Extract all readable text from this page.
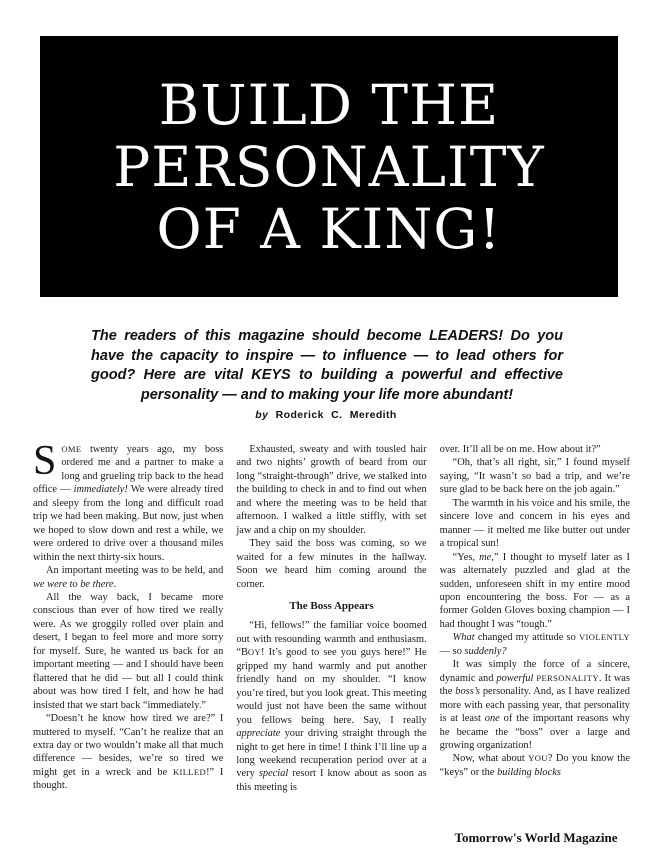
BUILD THE
PERSONALITY
OF A KING!
The readers of this magazine should become LEADERS! Do you have the capacity to inspire — to influence — to lead others for good? Here are vital KEYS to building a powerful and effective personality — and to making your life more abundant!
by Roderick C. Meredith

SOME twenty years ago, my boss ordered me and a partner to make a long and grueling trip back to the head office — immediately! We were already tired and sleepy from the long and difficult road trip we had been making. But now, just when we hoped to slow down and rest a while, we were ordered to drive over a thousand miles within the next thirty-six hours.

An important meeting was to be held, and we were to be there.

All the way back, I became more conscious than ever of how tired we really were. As we groggily rolled over plain and desert, I began to feel more and more sorry for myself. Sure, he wanted us back for an important meeting — and I should have been flattered that he did — but all I could think about was how tired I felt, and how he had insisted that we start back “immediately.”

“Doesn’t he know how tired we are?” I muttered to myself. “Can’t he realize that an extra day or two wouldn’t make all that much difference — besides, we’re so tired we might get in a wreck and be KILLED!” I thought.

Exhausted, sweaty and with tousled hair and two nights’ growth of beard from our long “straight-through” drive, we stalked into the building to check in and to find out when and where the meeting was to be held that afternoon. I walked a little stiffly, with set jaw and a chip on my shoulder.

They said the boss was coming, so we waited for a few minutes in the hallway. Soon we heard him coming around the corner.

The Boss Appears

“Hi, fellows!” the familiar voice boomed out with resounding warmth and enthusiasm. “BOY! It’s good to see you guys here!” He gripped my hand warmly and put another friendly hand on my shoulder. “I know you’re tired, but you look great. This meeting would just not have been the same without you fellows being here. Say, I really appreciate your driving straight through the night to get here in time! I think I’ll line up a long weekend recuperation period over at a very special resort I know about as soon as this meeting is

over. It’ll all be on me. How about it?”

“Oh, that’s all right, sir,” I found myself saying, “It wasn’t so bad a trip, and we’re sure glad to be back here on the job again.”

The warmth in his voice and his smile, the sincere love and concern in his eyes and manner — it melted me like butter out under a tropical sun!

“Yes, me,” I thought to myself later as I was alternately puzzled and glad at the sudden, unforeseen shift in my entire mood upon encountering the boss. For — as a former Golden Gloves boxing champion — I had thought I was “tough.”

What changed my attitude so VIOLENTLY — so suddenly?

It was simply the force of a sincere, dynamic and powerful PERSONALITY. It was the boss’s personality. And, as I have realized more with each passing year, that personality is at least one of the important reasons why he became the “boss” over a large and growing organization!

Now, what about YOU? Do you know the “keys” or the building blocks

Tomorrow's World Magazine
